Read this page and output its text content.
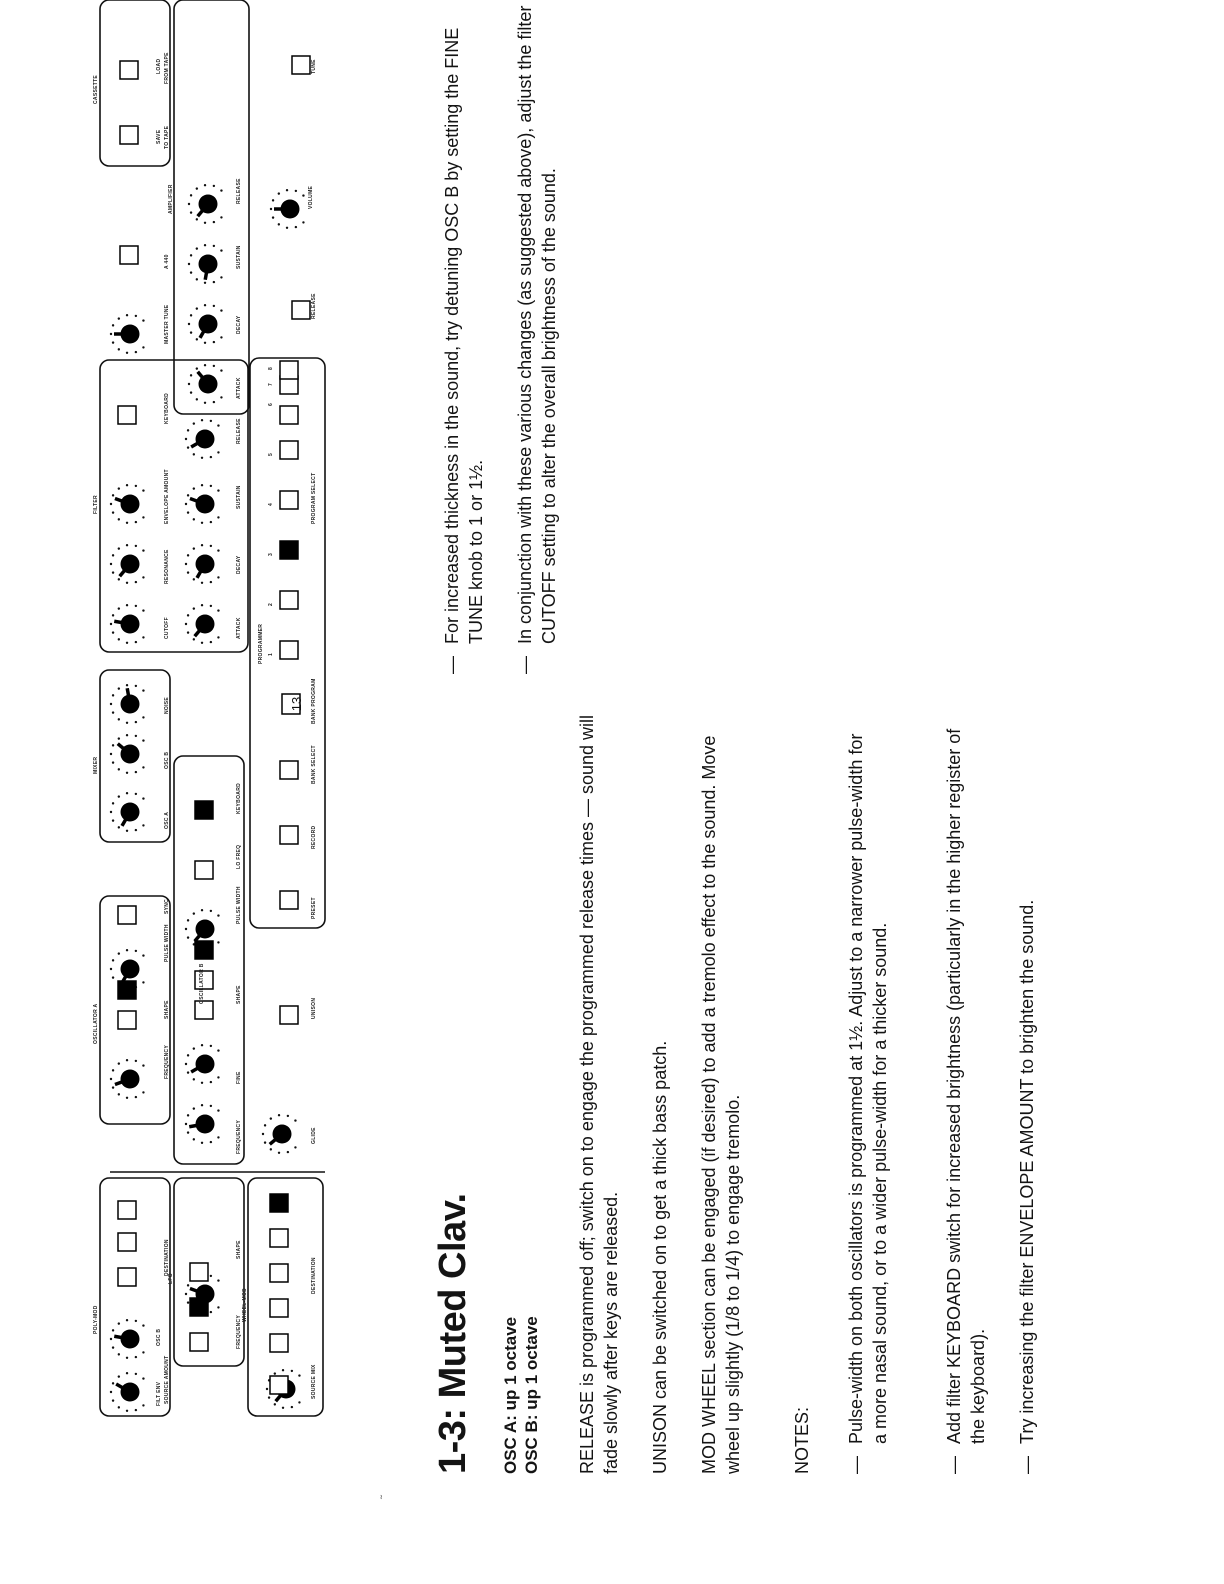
POLY-MOD
LFO
WHEEL-MOD
OSCILLATOR A
OSCILLATOR B
MIXER
FILTER
PROGRAMMER
AMPLIFIER
CASSETTE
FILT ENV
OSC B
SOURCE AMOUNT
DESTINATION
FREQUENCY
SHAPE
SOURCE MIX
DESTINATION
FREQUENCY
SHAPE
PULSE WIDTH
SYNC
FREQUENCY
FINE
SHAPE
PULSE WIDTH
LO FREQ
KEYBOARD
GLIDE
UNISON
OSC A
OSC B
NOISE
CUTOFF
RESONANCE
ENVELOPE AMOUNT
KEYBOARD
ATTACK
DECAY
SUSTAIN
RELEASE
PRESET
RECORD
BANK SELECT
BANK PROGRAM
PROGRAM SELECT
MASTER TUNE
A 440
SAVE
LOAD
TO TAPE
FROM TAPE
ATTACK
DECAY
SUSTAIN
RELEASE
RELEASE
VOLUME
TUNE
1
2
3
4
5
6
7
8
13
1-3: Muted Clav. OSC A: up 1 octave OSC B: up 1 octave RELEASE is programmed off; switch on to engage the programmed release times — sound will fade slowly after keys are released. UNISON can be switched on to get a thick bass patch. MOD WHEEL section can be engaged (if desired) to add a tremolo effect to the sound. Move wheel up slightly (1/8 to 1/4) to engage tremolo.	NOTES: —
Pulse-width on both oscillators is programmed at 1½. Adjust to a narrower pulse-width for a more nasal sound, or to a wider pulse-width for a thicker sound.
—
Add filter KEYBOARD switch for increased brightness (particularly in the higher register of the keyboard).
—
Try increasing the filter ENVELOPE AMOUNT to brighten the sound.
—
For increased thickness in the sound, try detuning OSC B by setting the FINE TUNE knob to 1 or 1½.
—
In conjunction with these various changes (as suggested above), adjust the filter CUTOFF setting to alter the overall brightness of the sound.
˜
